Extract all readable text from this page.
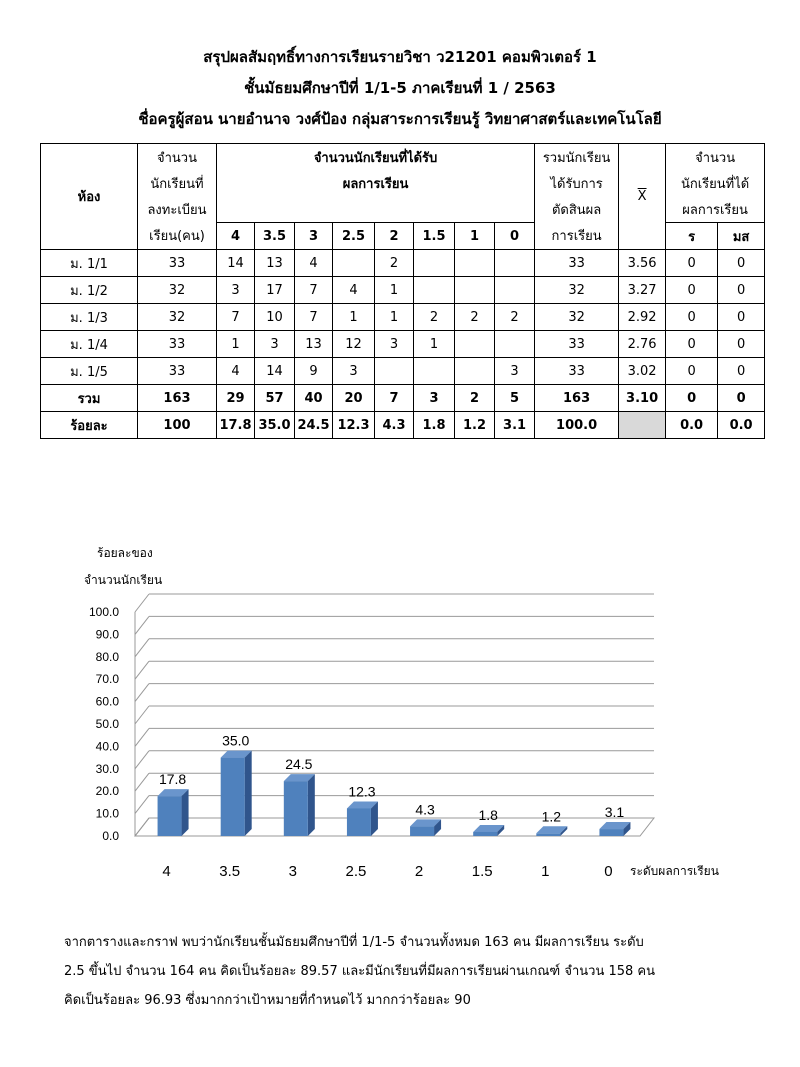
สรุปผลสัมฤทธิ์ทางการเรียนรายวิชา ว21201 คอมพิวเตอร์ 1
ชั้นมัธยมศึกษาปีที่ 1/1-5 ภาคเรียนที่ 1 / 2563
ชื่อครูผู้สอน นายอำนาจ วงศ์ป้อง กลุ่มสาระการเรียนรู้ วิทยาศาสตร์และเทคโนโลยี
ห้อง	จำนวน	จำนวนนักเรียนที่ได้รับ								รวมนักเรียน	$\overline{X}$	จำนวน	
	นักเรียนที่	ผลการเรียน								ได้รับการ		นักเรียนที่ได้	
	ลงทะเบียน									ตัดสินผล		ผลการเรียน	
	เรียน(คน)	4	3.5	3	2.5	2	1.5	1	0	การเรียน		ร	มส
ม. 1/1	33	14	13	4		2				33	3.56	0	0
ม. 1/2	32	3	17	7	4	1				32	3.27	0	0
ม. 1/3	32	7	10	7	1	1	2	2	2	32	2.92	0	0
ม. 1/4	33	1	3	13	12	3	1			33	2.76	0	0
ม. 1/5	33	4	14	9	3				3	33	3.02	0	0
รวม	163	29	57	40	20	7	3	2	5	163	3.10	0	0
ร้อยละ	100	17.8	35.0	24.5	12.3	4.3	1.8	1.2	3.1	100.0		0.0	0.0
0.0
10.0
20.0
30.0
40.0
50.0
60.0
70.0
80.0
90.0
100.0
ร้อยละของ
จำนวนนักเรียน
17.8
4
35.0
3.5
24.5
3
12.3
2.5
4.3
2
1.8
1.5
1.2
1
3.1
0 ระดับผลการเรียน
จากตารางและกราฟ พบว่านักเรียนชั้นมัธยมศึกษาปีที่ 1/1-5 จำนวนทั้งหมด 163 คน มีผลการเรียน ระดับ
2.5 ขึ้นไป จำนวน 164 คน คิดเป็นร้อยละ 89.57 และมีนักเรียนที่มีผลการเรียนผ่านเกณฑ์ จำนวน 158 คน
คิดเป็นร้อยละ 96.93 ซึ่งมากกว่าเป้าหมายที่กำหนดไว้ มากกว่าร้อยละ 90
